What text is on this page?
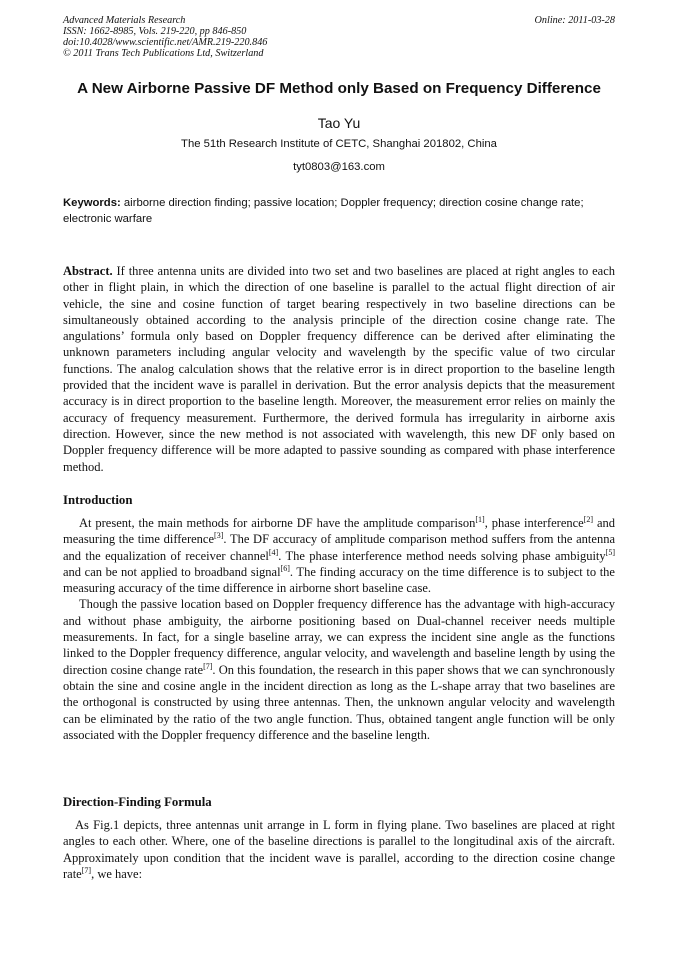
Advanced Materials Research
ISSN: 1662-8985, Vols. 219-220, pp 846-850
doi:10.4028/www.scientific.net/AMR.219-220.846
© 2011 Trans Tech Publications Ltd, Switzerland
Online: 2011-03-28
A New Airborne Passive DF Method only Based on Frequency Difference
Tao Yu
The 51th Research Institute of CETC, Shanghai 201802, China
tyt0803@163.com
Keywords: airborne direction finding; passive location; Doppler frequency; direction cosine change rate; electronic warfare
Abstract. If three antenna units are divided into two set and two baselines are placed at right angles to each other in flight plain, in which the direction of one baseline is parallel to the actual flight direction of air vehicle, the sine and cosine function of target bearing respectively in two baseline directions can be simultaneously obtained according to the analysis principle of the direction cosine change rate. The angulations’ formula only based on Doppler frequency difference can be derived after eliminating the unknown parameters including angular velocity and wavelength by the specific value of two circular functions. The analog calculation shows that the relative error is in direct proportion to the baseline length provided that the incident wave is parallel in derivation. But the error analysis depicts that the measurement accuracy is in direct proportion to the baseline length. Moreover, the measurement error relies on mainly the accuracy of frequency measurement. Furthermore, the derived formula has irregularity in airborne axis direction. However, since the new method is not associated with wavelength, this new DF only based on Doppler frequency difference will be more adapted to passive sounding as compared with phase interference method.
Introduction

At present, the main methods for airborne DF have the amplitude comparison[1], phase interference[2] and measuring the time difference[3]. The DF accuracy of amplitude comparison method suffers from the antenna and the equalization of receiver channel[4]. The phase interference method needs solving phase ambiguity[5] and can be not applied to broadband signal[6]. The finding accuracy on the time difference is to subject to the measuring accuracy of the time difference in airborne short baseline case.

Though the passive location based on Doppler frequency difference has the advantage with high-accuracy and without phase ambiguity, the airborne positioning based on Dual-channel receiver needs multiple measurements. In fact, for a single baseline array, we can express the incident sine angle as the functions linked to the Doppler frequency difference, angular velocity, and wavelength and baseline length by using the direction cosine change rate[7]. On this foundation, the research in this paper shows that we can synchronously obtain the sine and cosine angle in the incident direction as long as the L-shape array that two baselines are the orthogonal is constructed by using three antennas. Then, the unknown angular velocity and wavelength can be eliminated by the ratio of the two angle function. Thus, obtained tangent angle function will be only associated with the Doppler frequency difference and the baseline length.

Direction-Finding Formula

As Fig.1 depicts, three antennas unit arrange in L form in flying plane. Two baselines are placed at right angles to each other. Where, one of the baseline directions is parallel to the longitudinal axis of the aircraft. Approximately upon condition that the incident wave is parallel, according to the direction cosine change rate[7], we have:
